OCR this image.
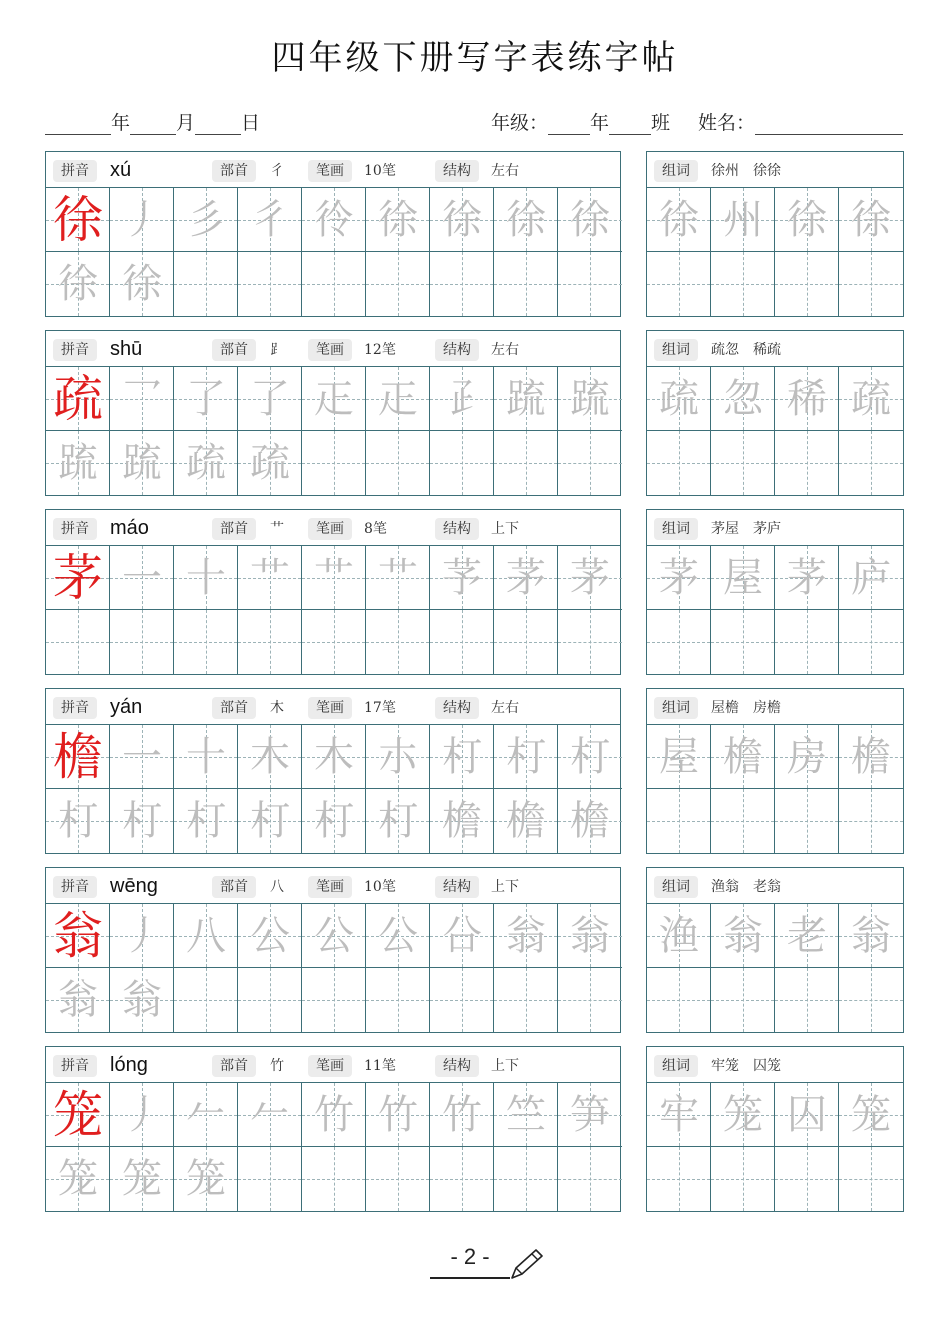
四年级下册写字表练字帖
年 月 日	年级： 年 班 姓名：
拼音	xú	部首	彳	笔画	10笔	结构	左右
徐 丿 彡 彳 彾 徐 徐 徐 徐
徐 徐
组词	徐州　徐徐
徐 州 徐 徐
拼音	shū	部首	⻊	笔画	12笔	结构	左右
疏 乛 了 了 𤴓 𤴓 𤴔 䟽 䟽
䟽 䟽 疏 疏
组词	疏忽　稀疏
疏 忽 稀 疏
拼音	máo	部首	艹	笔画	8笔	结构	上下
茅 一 十 艹 艹 艹 芧 茅 茅
组词	茅屋　茅庐
茅 屋 茅 庐
拼音	yán	部首	木	笔画	17笔	结构	左右
檐 一 十 木 木 朩 朾 朾 朾
朾 朾 朾 朾 朾 朾 檐 檐 檐
组词	屋檐　房檐
屋 檐 房 檐
拼音	wēng	部首	八	笔画	10笔	结构	上下
翁 丿 八 公 公 公 㕣 翁 翁
翁 翁
组词	渔翁　老翁
渔 翁 老 翁
拼音	lóng	部首	竹	笔画	11笔	结构	上下
笼 丿 𠂉 𠂉 竹 竹 竹 竺 笋
笼 笼 笼
组词	牢笼　囚笼
牢 笼 囚 笼
- 2 -
